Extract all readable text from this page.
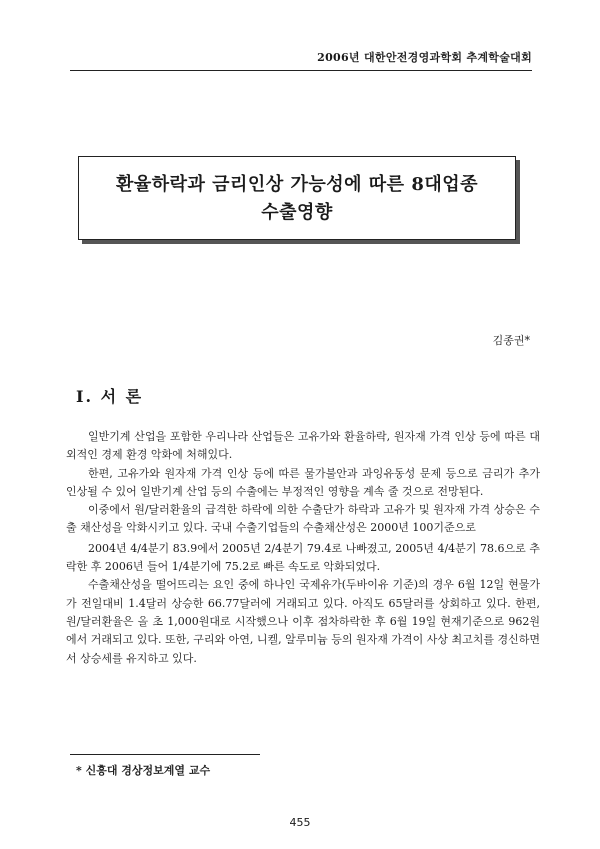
2006년 대한안전경영과학회 추계학술대회
환율하락과 금리인상 가능성에 따른 8대업종
수출영향
김종권*
Ⅰ. 서 론

일반기계 산업을 포함한 우리나라 산업들은 고유가와 환율하락, 원자재 가격 인상 등에 따른 대외적인 경제 환경 악화에 처해있다.

한편, 고유가와 원자재 가격 인상 등에 따른 물가불안과 과잉유동성 문제 등으로 금리가 추가 인상될 수 있어 일반기계 산업 등의 수출에는 부정적인 영향을 계속 줄 것으로 전망된다.

이중에서 원/달러환율의 급격한 하락에 의한 수출단가 하락과 고유가 및 원자재 가격 상승은 수출 채산성을 악화시키고 있다. 국내 수출기업들의 수출채산성은 2000년 100기준으로

2004년 4/4분기 83.9에서 2005년 2/4분기 79.4로 나빠졌고, 2005년 4/4분기 78.6으로 추락한 후 2006년 들어 1/4분기에 75.2로 빠른 속도로 악화되었다.

수출채산성을 떨어뜨리는 요인 중에 하나인 국제유가(두바이유 기준)의 경우 6월 12일 현물가가 전일대비 1.4달러 상승한 66.77달러에 거래되고 있다. 아직도 65달러를 상회하고 있다. 한편, 원/달러환율은 올 초 1,000원대로 시작했으나 이후 점차하락한 후 6월 19일 현재기준으로 962원에서 거래되고 있다. 또한, 구리와 아연, 니켈, 알루미늄 등의 원자재 가격이 사상 최고치를 경신하면서 상승세를 유지하고 있다.

* 신흥대 경상정보계열 교수
455
